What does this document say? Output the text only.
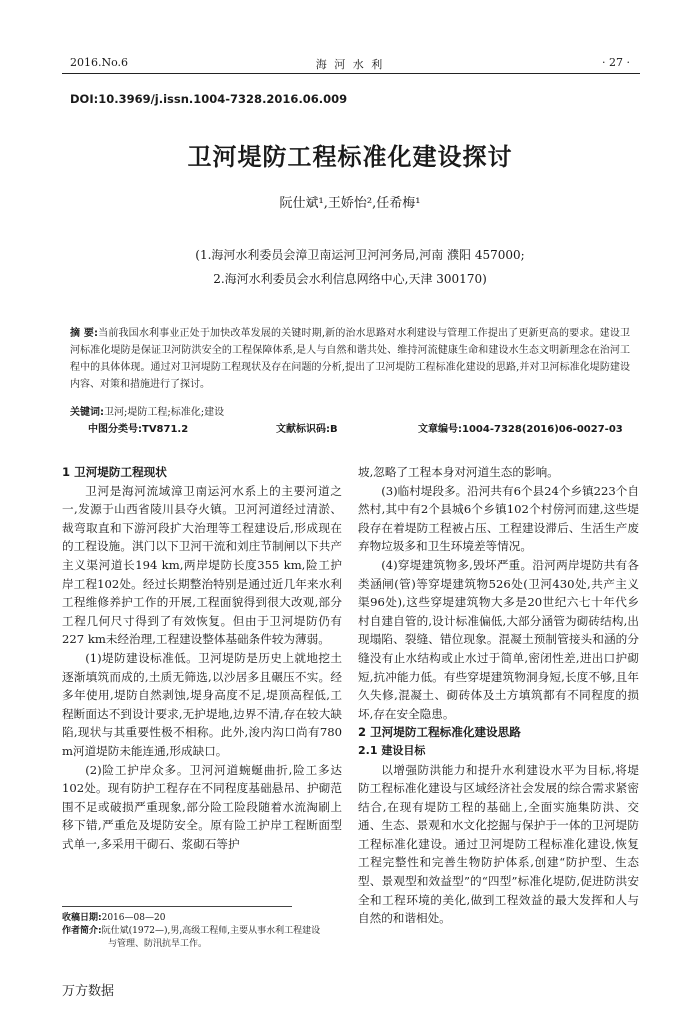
2016.No.6	海 河 水 利	· 27 ·
DOI:10.3969/j.issn.1004-7328.2016.06.009
卫河堤防工程标准化建设探讨
阮仕斌¹,王娇怡²,任希梅¹
(1.海河水利委员会漳卫南运河卫河河务局,河南 濮阳 457000;
2.海河水利委员会水利信息网络中心,天津 300170)
摘 要:当前我国水利事业正处于加快改革发展的关键时期,新的治水思路对水利建设与管理工作提出了更新更高的要求。建设卫河标准化堤防是保证卫河防洪安全的工程保障体系,是人与自然和谐共处、维持河流健康生命和建设水生态文明新理念在治河工程中的具体体现。通过对卫河堤防工程现状及存在问题的分析,提出了卫河堤防工程标准化建设的思路,并对卫河标准化堤防建设内容、对策和措施进行了探讨。
关键词:卫河;堤防工程;标准化;建设
中图分类号:TV871.2	文献标识码:B	文章编号:1004-7328(2016)06-0027-03
1 卫河堤防工程现状

卫河是海河流域漳卫南运河水系上的主要河道之一,发源于山西省陵川县夺火镇。卫河河道经过清淤、裁弯取直和下游河段扩大治理等工程建设后,形成现在的工程设施。淇门以下卫河干流和刘庄节制闸以下共产主义渠河道长194 km,两岸堤防长度355 km,险工护岸工程102处。经过长期整治特别是通过近几年来水利工程维修养护工作的开展,工程面貌得到很大改观,部分工程几何尺寸得到了有效恢复。但由于卫河堤防仍有227 km未经治理,工程建设整体基础条件较为薄弱。

(1)堤防建设标准低。卫河堤防是历史上就地挖土逐渐填筑而成的,土质无筛选,以沙居多且碾压不实。经多年使用,堤防自然剥蚀,堤身高度不足,堤顶高程低,工程断面达不到设计要求,无护堤地,边界不清,存在较大缺陷,现状与其重要性极不相称。此外,浚内沟口尚有780 m河道堤防未能连通,形成缺口。

(2)险工护岸众多。卫河河道蜿蜒曲折,险工多达102处。现有防护工程存在不同程度基础悬吊、护砌范围不足或破损严重现象,部分险工险段随着水流淘刷上移下错,严重危及堤防安全。原有险工护岸工程断面型式单一,多采用干砌石、浆砌石等护

收稿日期:2016—08—20
作者简介:阮仕斌(1972—),男,高级工程师,主要从事水利工程建设
与管理、防汛抗旱工作。

坡,忽略了工程本身对河道生态的影响。

(3)临村堤段多。沿河共有6个县24个乡镇223个自然村,其中有2个县城6个乡镇102个村傍河而建,这些堤段存在着堤防工程被占压、工程建设滞后、生活生产废弃物垃圾多和卫生环境差等情况。

(4)穿堤建筑物多,毁坏严重。沿河两岸堤防共有各类涵闸(管)等穿堤建筑物526处(卫河430处,共产主义渠96处),这些穿堤建筑物大多是20世纪六七十年代乡村自建自管的,设计标准偏低,大部分涵管为砌砖结构,出现塌陷、裂缝、错位现象。混凝土预制管接头和涵的分缝没有止水结构或止水过于简单,密闭性差,进出口护砌短,抗冲能力低。有些穿堤建筑物洞身短,长度不够,且年久失修,混凝土、砌砖体及土方填筑都有不同程度的损坏,存在安全隐患。

2 卫河堤防工程标准化建设思路
2.1 建设目标

以增强防洪能力和提升水利建设水平为目标,将堤防工程标准化建设与区域经济社会发展的综合需求紧密结合,在现有堤防工程的基础上,全面实施集防洪、交通、生态、景观和水文化挖掘与保护于一体的卫河堤防工程标准化建设。通过卫河堤防工程标准化建设,恢复工程完整性和完善生物防护体系,创建“防护型、生态型、景观型和效益型”的“四型”标准化堤防,促进防洪安全和工程环境的美化,做到工程效益的最大发挥和人与自然的和谐相处。

万方数据
